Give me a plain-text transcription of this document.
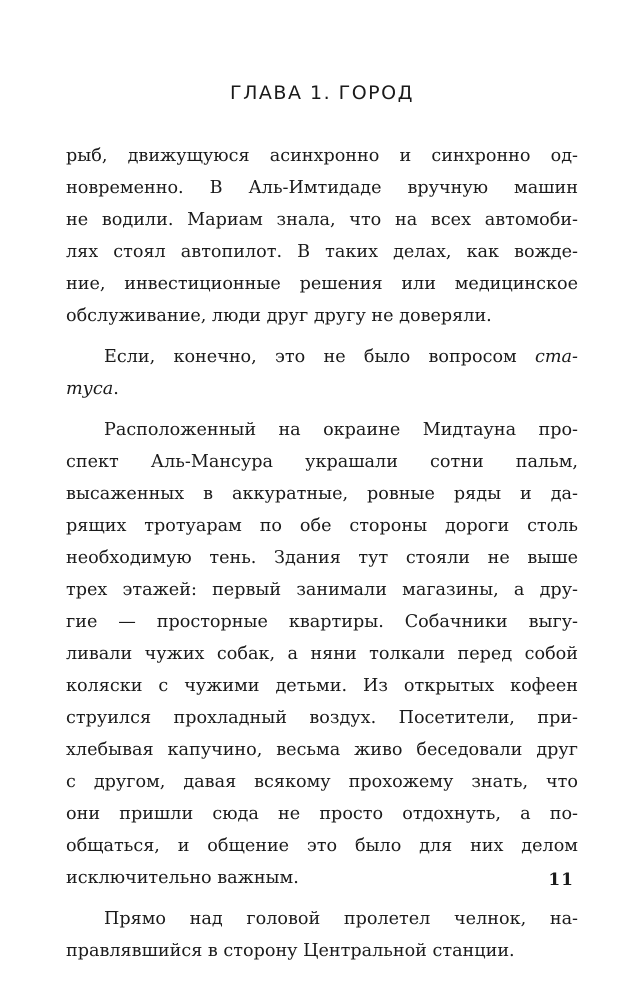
ГЛАВА 1. ГОРОД

рыб, движущуюся асинхронно и синхронно од-
новременно. В Аль-Имтидаде вручную машин
не водили. Мариам знала, что на всех автомоби-
лях стоял автопилот. В таких делах, как вожде-
ние, инвестиционные решения или медицинское
обслуживание, люди друг другу не доверяли.

Если, конечно, это не было вопросом ста-
туса.

Расположенный на окраине Мидтауна про-
спект Аль-Мансура украшали сотни пальм,
высаженных в аккуратные, ровные ряды и да-
рящих тротуарам по обе стороны дороги столь
необходимую тень. Здания тут стояли не выше
трех этажей: первый занимали магазины, а дру-
гие — просторные квартиры. Собачники выгу-
ливали чужих собак, а няни толкали перед собой
коляски с чужими детьми. Из открытых кофеен
струился прохладный воздух. Посетители, при-
хлебывая капучино, весьма живо беседовали друг
с другом, давая всякому прохожему знать, что
они пришли сюда не просто отдохнуть, а по-
общаться, и общение это было для них делом
исключительно важным.

Прямо над головой пролетел челнок, на-
правлявшийся в сторону Центральной станции.

11
